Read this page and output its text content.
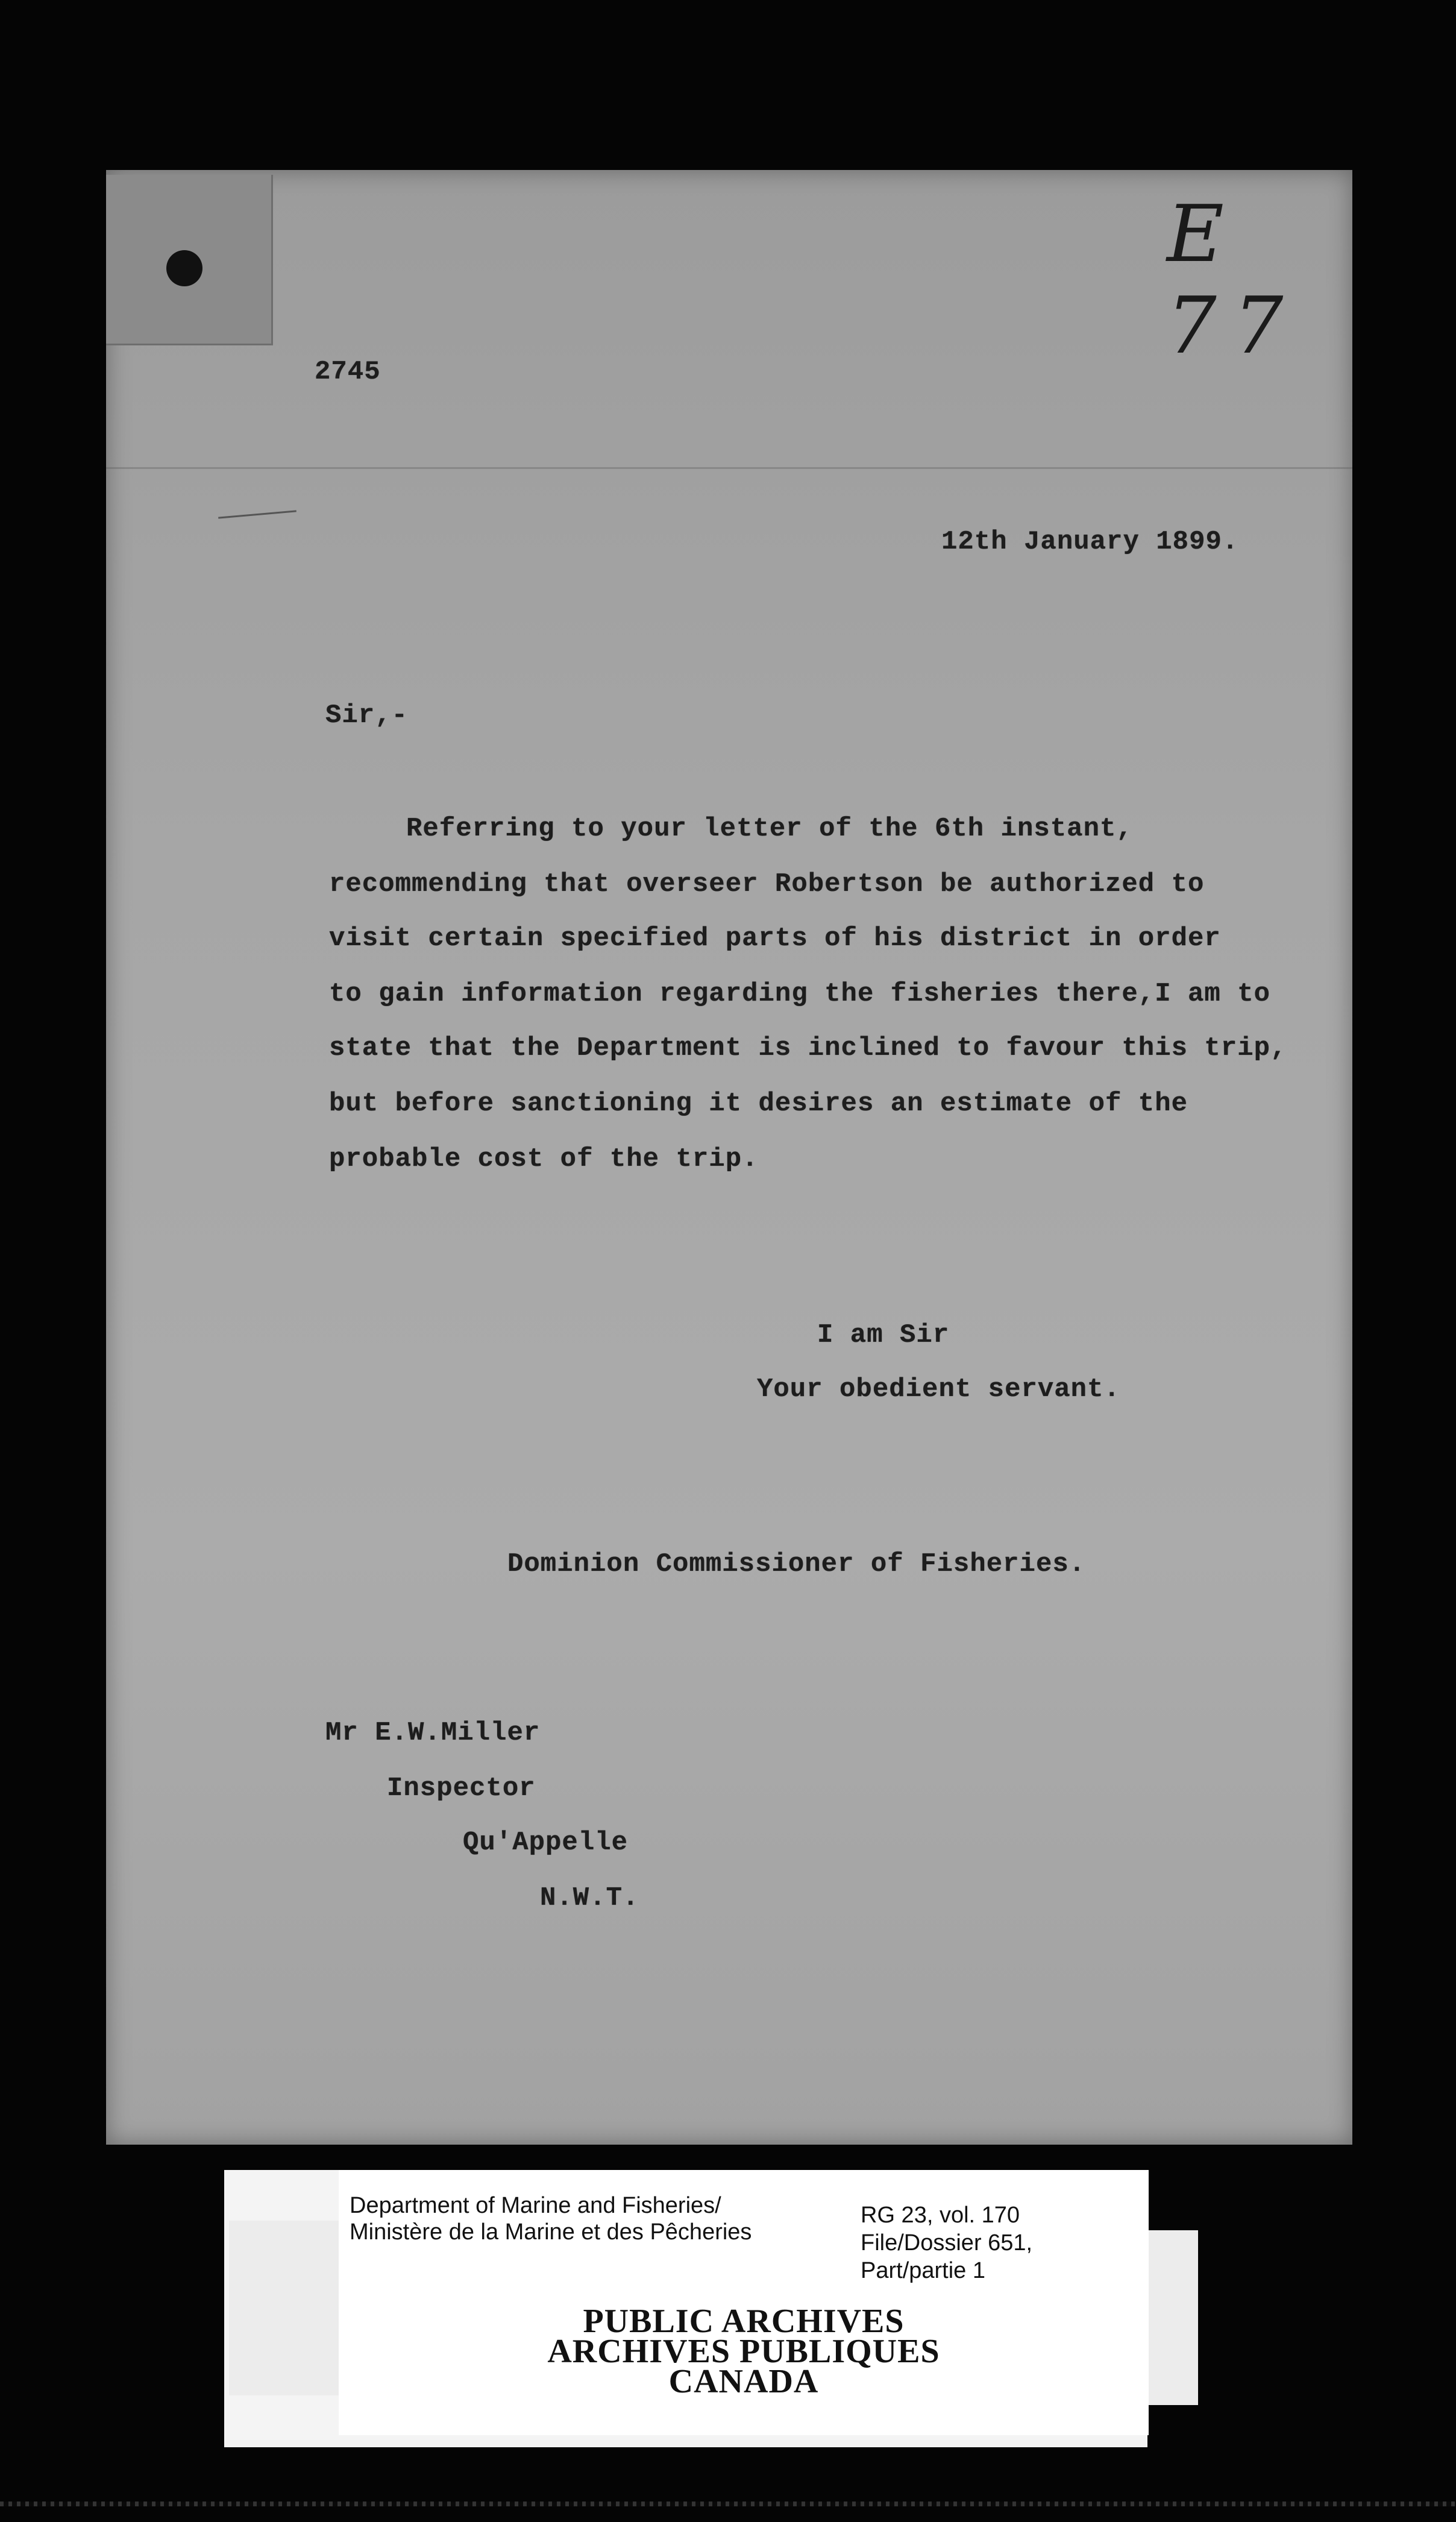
E 77
2745
12th January 1899.
Sir,-
Referring to your letter of the 6th instant,
recommending that overseer Robertson be authorized to
visit certain specified parts of his district in order
to gain information regarding the fisheries there,I am to
state that the Department is inclined to favour this trip,
but before sanctioning it desires an estimate of the
probable cost of the trip.
I am Sir
Your obedient servant.
Dominion Commissioner of Fisheries.
Mr E.W.Miller
Inspector
Qu'Appelle
N.W.T.
Department of Marine and Fisheries/
Ministère de la Marine et des Pêcheries
RG 23, vol. 170
File/Dossier 651,
Part/partie 1
PUBLIC ARCHIVES
ARCHIVES PUBLIQUES
CANADA
